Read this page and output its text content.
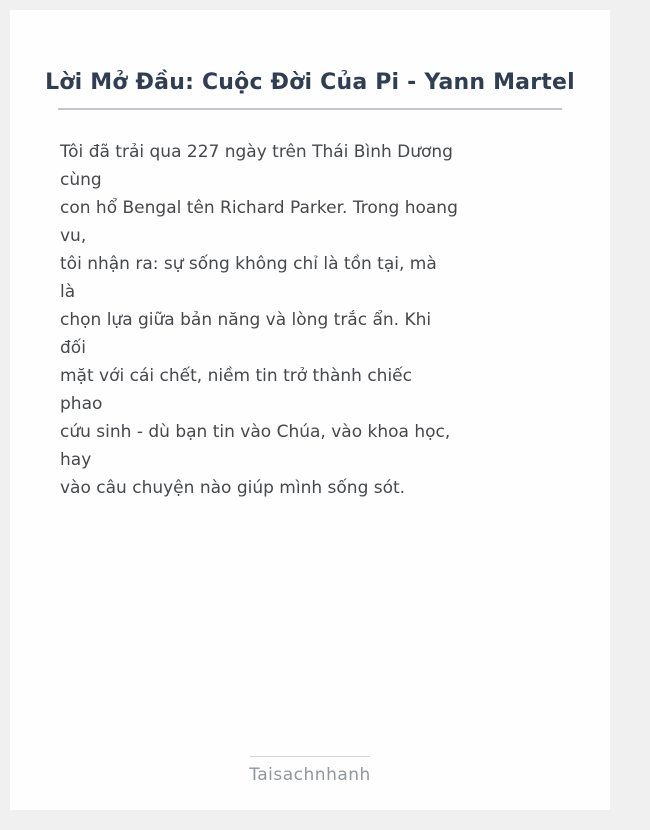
Lời Mở Đầu: Cuộc Đời Của Pi - Yann Martel
Tôi đã trải qua 227 ngày trên Thái Bình Dương
cùng
con hổ Bengal tên Richard Parker. Trong hoang
vu,
tôi nhận ra: sự sống không chỉ là tồn tại, mà
là
chọn lựa giữa bản năng và lòng trắc ẩn. Khi
đối
mặt với cái chết, niềm tin trở thành chiếc
phao
cứu sinh - dù bạn tin vào Chúa, vào khoa học,
hay
vào câu chuyện nào giúp mình sống sót.
Taisachnhanh
